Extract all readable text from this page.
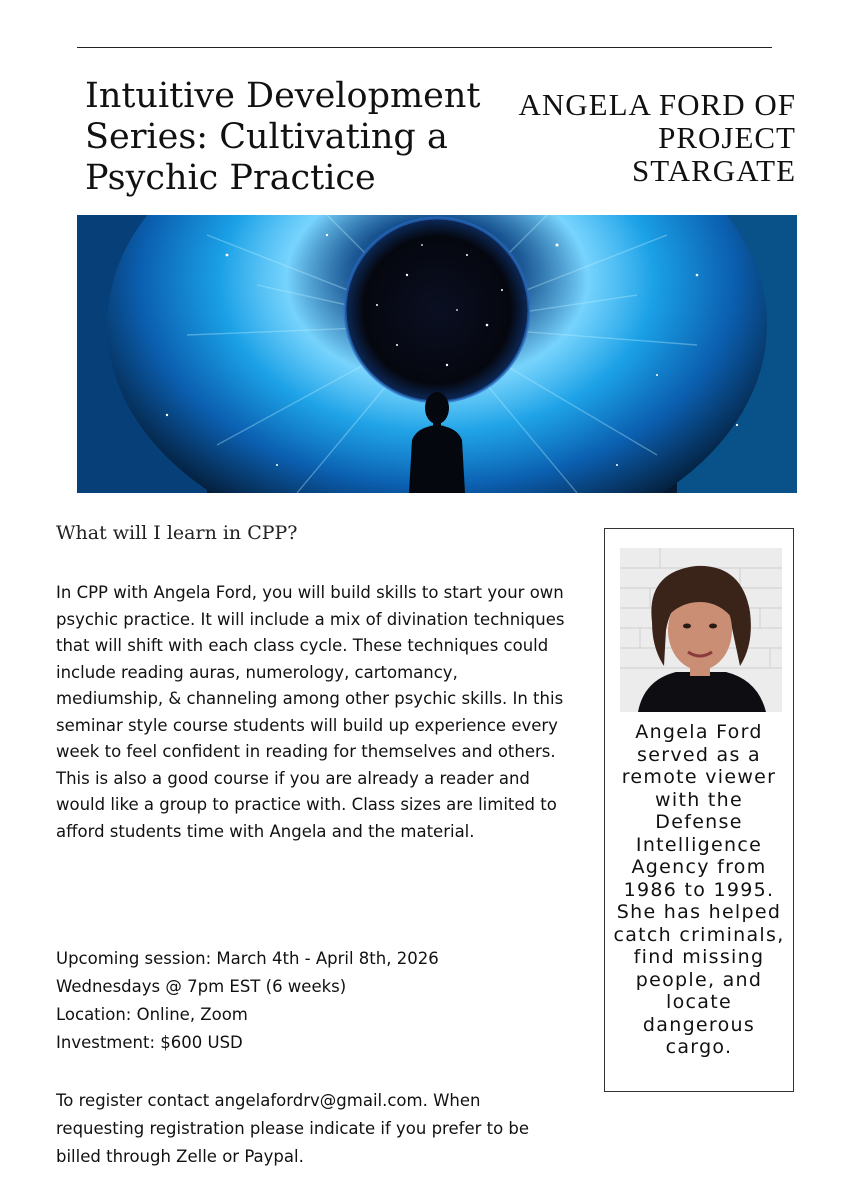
Intuitive Development Series: Cultivating a Psychic Practice
ANGELA FORD OF PROJECT STARGATE
What will I learn in CPP?

In CPP with Angela Ford, you will build skills to start your own psychic practice. It will include a mix of divination techniques that will shift with each class cycle. These techniques could include reading auras, numerology, cartomancy, mediumship, & channeling among other psychic skills. In this seminar style course students will build up experience every week to feel confident in reading for themselves and others. This is also a good course if you are already a reader and would like a group to practice with. Class sizes are limited to afford students time with Angela and the material.

Upcoming session: March 4th - April 8th, 2026
Wednesdays @ 7pm EST (6 weeks)
Location: Online, Zoom
Investment: $600 USD

To register contact angelafordrv@gmail.com. When requesting registration please indicate if you prefer to be billed through Zelle or Paypal.

Angela Ford served as a remote viewer with the Defense Intelligence Agency from 1986 to 1995. She has helped catch criminals, find missing people, and locate dangerous cargo.
